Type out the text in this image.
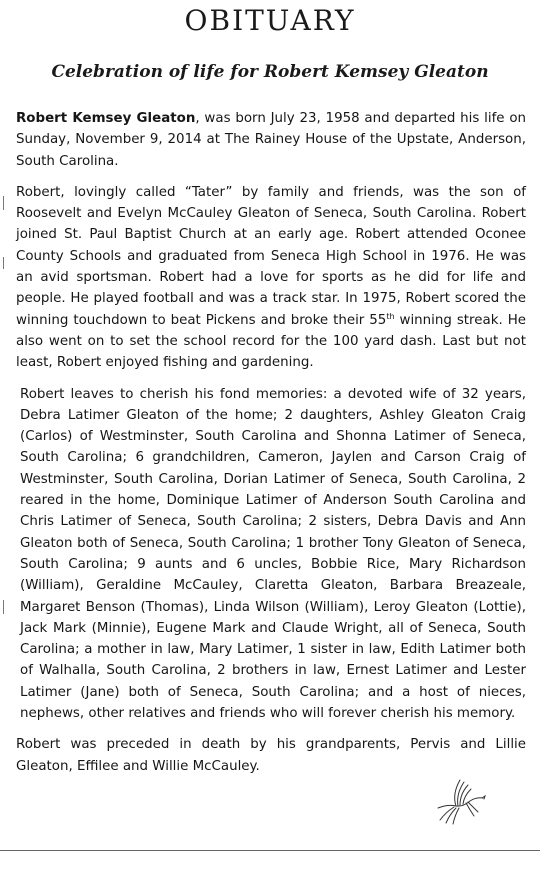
OBITUARY
Celebration of life for Robert Kemsey Gleaton

Robert Kemsey Gleaton, was born July 23, 1958 and departed his life on Sunday, November 9, 2014 at The Rainey House of the Upstate, Anderson, South Carolina.

Robert, lovingly called “Tater” by family and friends, was the son of Roosevelt and Evelyn McCauley Gleaton of Seneca, South Carolina. Robert joined St. Paul Baptist Church at an early age. Robert attended Oconee County Schools and graduated from Seneca High School in 1976. He was an avid sportsman. Robert had a love for sports as he did for life and people. He played football and was a track star. In 1975, Robert scored the winning touchdown to beat Pickens and broke their 55th winning streak. He also went on to set the school record for the 100 yard dash. Last but not least, Robert enjoyed fishing and gardening.

Robert leaves to cherish his fond memories: a devoted wife of 32 years, Debra Latimer Gleaton of the home; 2 daughters, Ashley Gleaton Craig (Carlos) of Westminster, South Carolina and Shonna Latimer of Seneca, South Carolina; 6 grandchildren, Cameron, Jaylen and Carson Craig of Westminster, South Carolina, Dorian Latimer of Seneca, South Carolina, 2 reared in the home, Dominique Latimer of Anderson South Carolina and Chris Latimer of Seneca, South Carolina; 2 sisters, Debra Davis and Ann Gleaton both of Seneca, South Carolina; 1 brother Tony Gleaton of Seneca, South Carolina; 9 aunts and 6 uncles, Bobbie Rice, Mary Richardson (William), Geraldine McCauley, Claretta Gleaton, Barbara Breazeale, Margaret Benson (Thomas), Linda Wilson (William), Leroy Gleaton (Lottie), Jack Mark (Minnie), Eugene Mark and Claude Wright, all of Seneca, South Carolina; a mother in law, Mary Latimer, 1 sister in law, Edith Latimer both of Walhalla, South Carolina, 2 brothers in law, Ernest Latimer and Lester Latimer (Jane) both of Seneca, South Carolina; and a host of nieces, nephews, other relatives and friends who will forever cherish his memory.

Robert was preceded in death by his grandparents, Pervis and Lillie Gleaton, Effilee and Willie McCauley.
